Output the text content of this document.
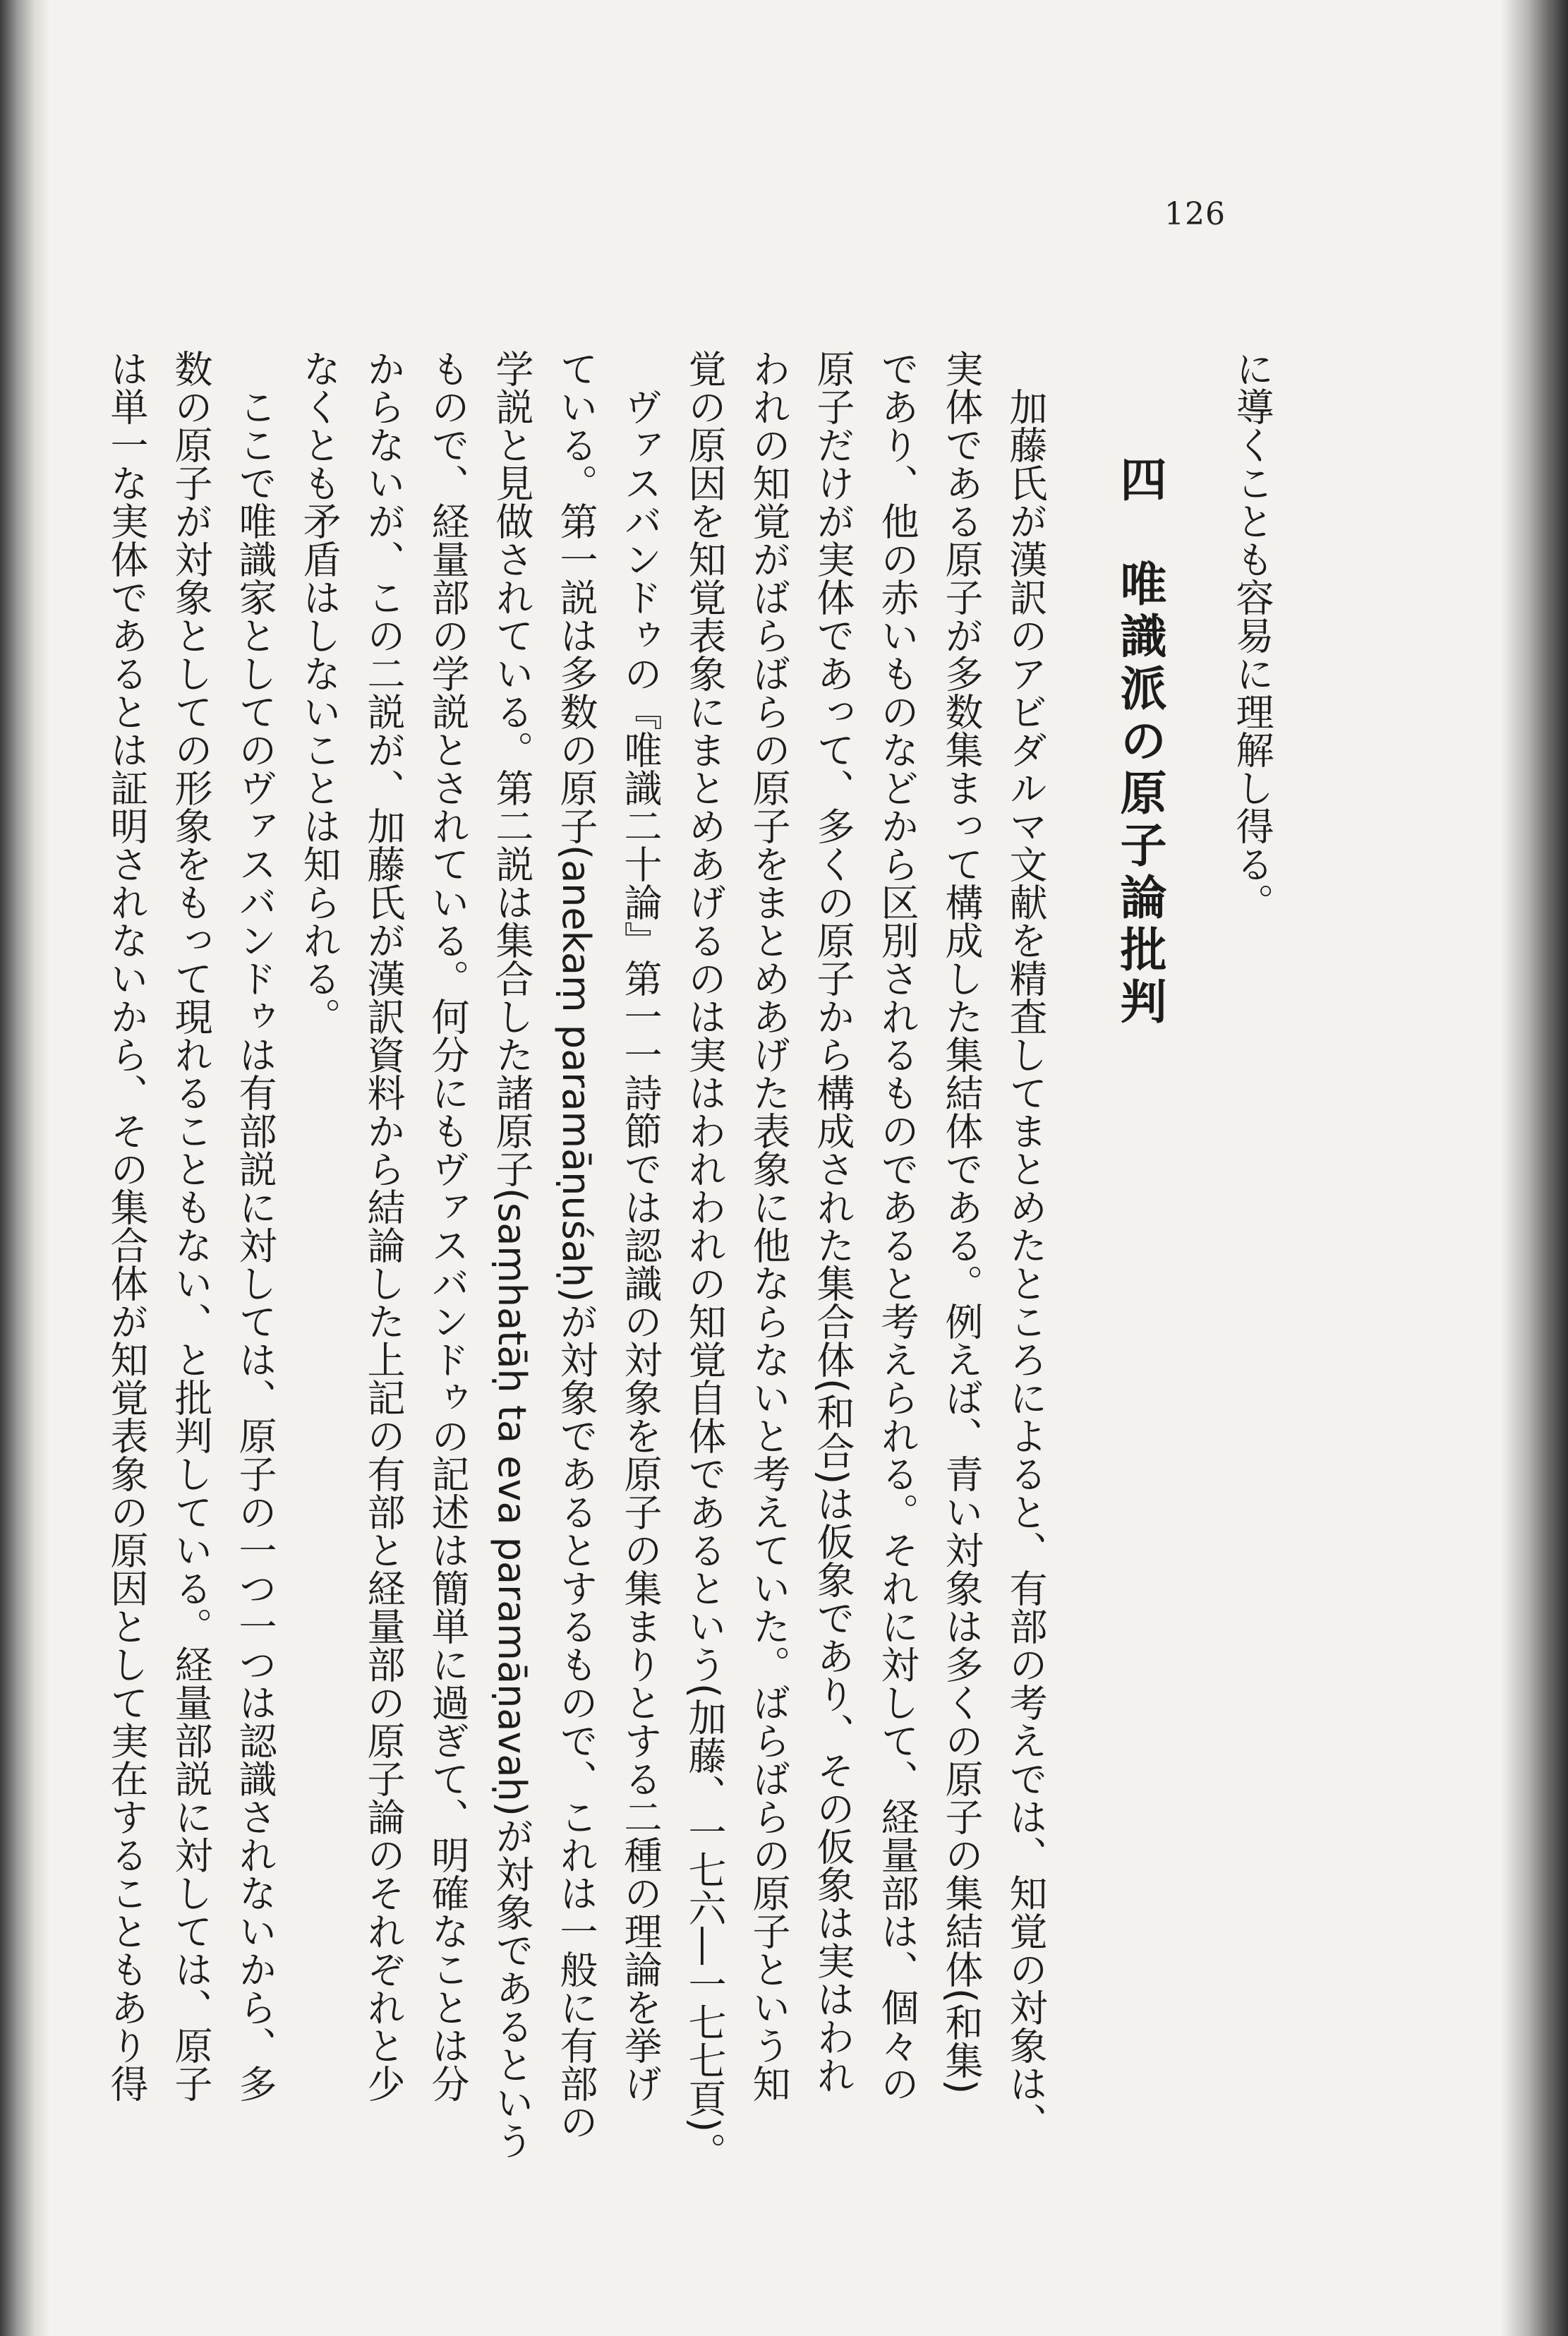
126
に導くことも容易に理解し得る。
四　唯識派の原子論批判
　加藤氏が漢訳のアビダルマ文献を精査してまとめたところによると、有部の考えでは、知覚の対象は、
実体である原子が多数集まって構成した集結体である。例えば、青い対象は多くの原子の集結体(和集)
であり、他の赤いものなどから区別されるものであると考えられる。それに対して、経量部は、個々の
原子だけが実体であって、多くの原子から構成された集合体(和合)は仮象であり、その仮象は実はわれ
われの知覚がばらばらの原子をまとめあげた表象に他ならないと考えていた。ばらばらの原子という知
覚の原因を知覚表象にまとめあげるのは実はわれわれの知覚自体であるという(加藤、一七六―一七七頁)。
　ヴァスバンドゥの『唯識二十論』第一一詩節では認識の対象を原子の集まりとする二種の理論を挙げ
ている。第一説は多数の原子(anekaṃ paramāṇuśaḥ)が対象であるとするもので、これは一般に有部の
学説と見做されている。第二説は集合した諸原子(saṃhatāḥ ta eva paramāṇavaḥ)が対象であるという
もので、経量部の学説とされている。何分にもヴァスバンドゥの記述は簡単に過ぎて、明確なことは分
からないが、この二説が、加藤氏が漢訳資料から結論した上記の有部と経量部の原子論のそれぞれと少
なくとも矛盾はしないことは知られる。
　ここで唯識家としてのヴァスバンドゥは有部説に対しては、原子の一つ一つは認識されないから、多
数の原子が対象としての形象をもって現れることもない、と批判している。経量部説に対しては、原子
は単一な実体であるとは証明されないから、その集合体が知覚表象の原因として実在することもあり得
